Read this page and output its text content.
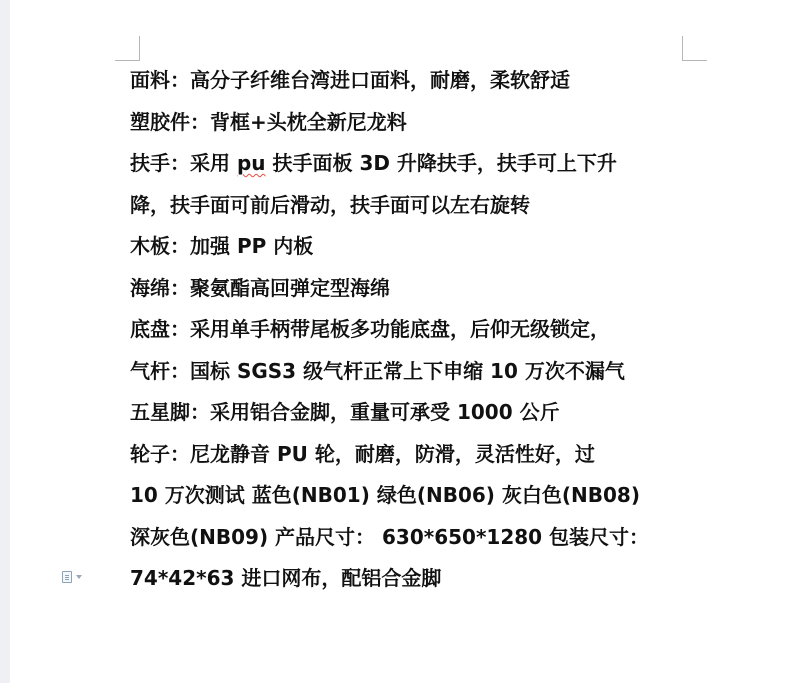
面料：高分子纤维台湾进口面料，耐磨，柔软舒适
塑胶件：背框+头枕全新尼龙料
扶手：采用 pu 扶手面板 3D 升降扶手，扶手可上下升
降，扶手面可前后滑动，扶手面可以左右旋转
木板：加强 PP 内板
海绵：聚氨酯高回弹定型海绵
底盘：采用单手柄带尾板多功能底盘，后仰无级锁定，
气杆：国标 SGS3 级气杆正常上下申缩 10 万次不漏气
五星脚：采用铝合金脚，重量可承受 1000 公斤
轮子：尼龙静音 PU 轮，耐磨，防滑，灵活性好，过
10 万次测试 蓝色(NB01) 绿色(NB06) 灰白色(NB08)
深灰色(NB09) 产品尺寸： 630*650*1280 包装尺寸：
74*42*63 进口网布，配铝合金脚
